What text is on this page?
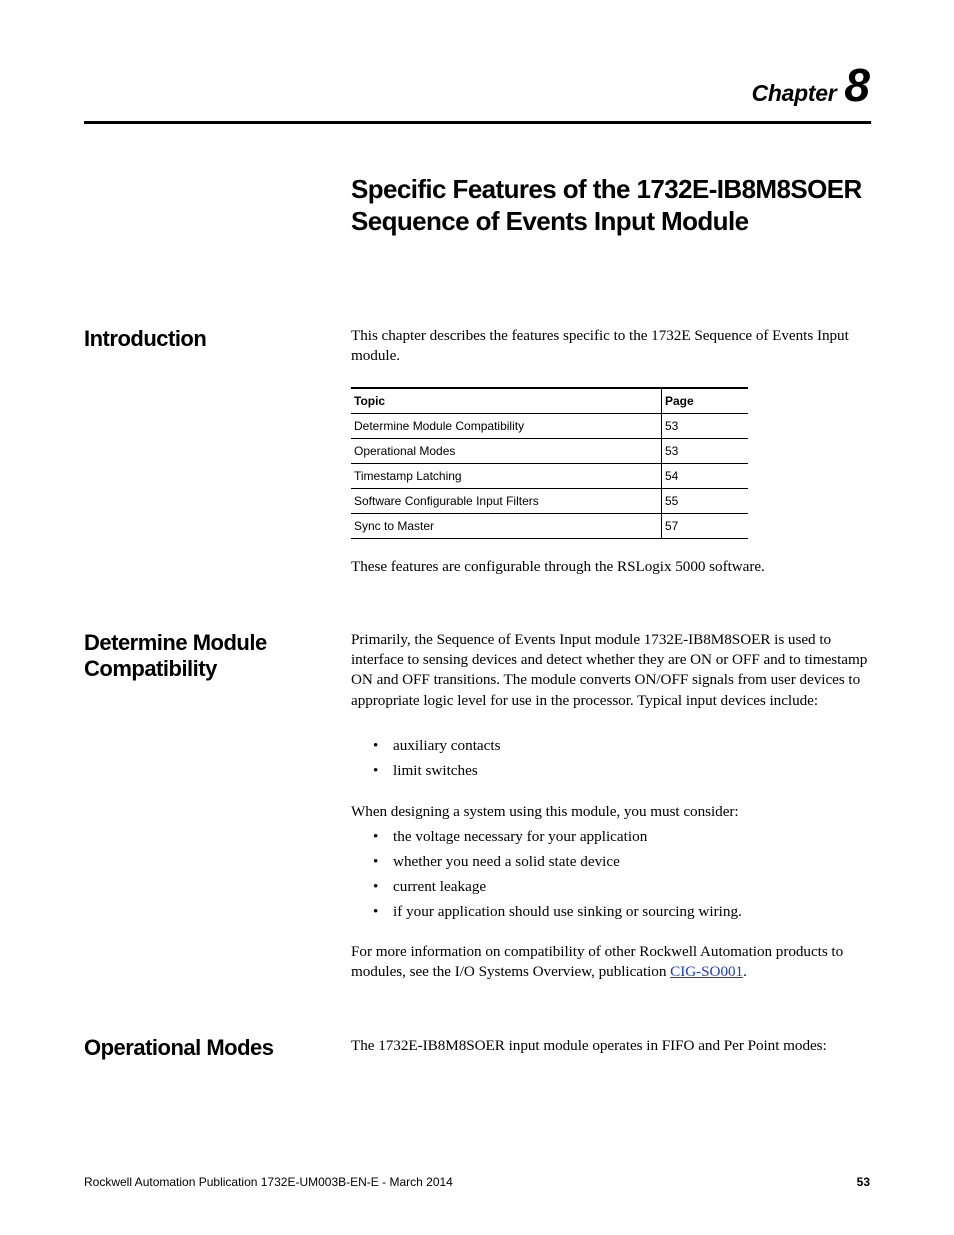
Chapter 8
Specific Features of the 1732E-IB8M8SOER
Sequence of Events Input Module
Introduction	This chapter describes the features specific to the 1732E Sequence of Events Input module.

Topic	Page
Determine Module Compatibility	53
Operational Modes	53
Timestamp Latching	54
Software Configurable Input Filters	55
Sync to Master	57

These features are configurable through the RSLogix 5000 software.

Determine Module
Compatibility

Primarily, the Sequence of Events Input module 1732E-IB8M8SOER is used to interface to sensing devices and detect whether they are ON or OFF and to timestamp ON and OFF transitions. The module converts ON/OFF signals from user devices to appropriate logic level for use in the processor. Typical input devices include:

• auxiliary contacts
• limit switches

When designing a system using this module, you must consider:

• the voltage necessary for your application
• whether you need a solid state device
• current leakage
• if your application should use sinking or sourcing wiring.

For more information on compatibility of other Rockwell Automation products to modules, see the I/O Systems Overview, publication CIG-SO001.

Operational Modes	The 1732E-IB8M8SOER input module operates in FIFO and Per Point modes:

Rockwell Automation Publication 1732E-UM003B-EN-E - March 2014	53
